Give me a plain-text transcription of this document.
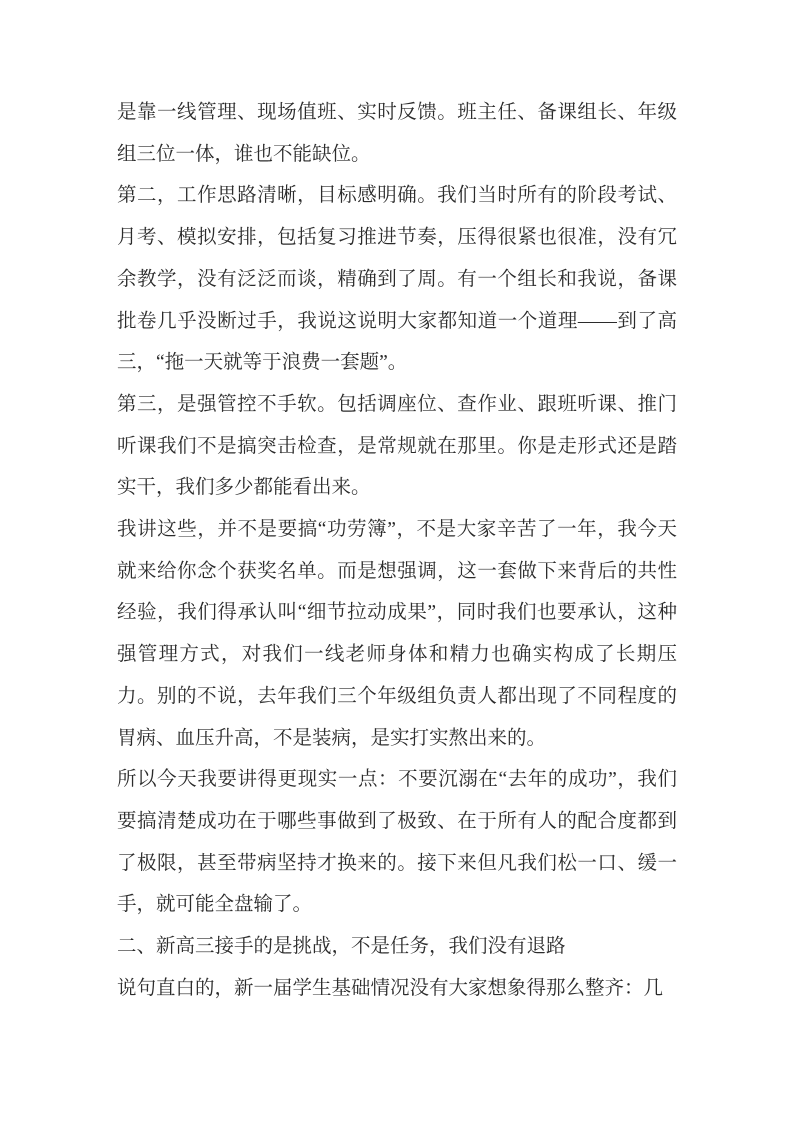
是靠一线管理、现场值班、实时反馈。班主任、备课组长、年级组三位一体，谁也不能缺位。

第二，工作思路清晰，目标感明确。我们当时所有的阶段考试、月考、模拟安排，包括复习推进节奏，压得很紧也很准，没有冗余教学，没有泛泛而谈，精确到了周。有一个组长和我说，备课批卷几乎没断过手，我说这说明大家都知道一个道理——到了高三，“拖一天就等于浪费一套题”。

第三，是强管控不手软。包括调座位、查作业、跟班听课、推门听课我们不是搞突击检查，是常规就在那里。你是走形式还是踏实干，我们多少都能看出来。

我讲这些，并不是要搞“功劳簿”，不是大家辛苦了一年，我今天就来给你念个获奖名单。而是想强调，这一套做下来背后的共性经验，我们得承认叫“细节拉动成果”，同时我们也要承认，这种强管理方式，对我们一线老师身体和精力也确实构成了长期压力。别的不说，去年我们三个年级组负责人都出现了不同程度的胃病、血压升高，不是装病，是实打实熬出来的。

所以今天我要讲得更现实一点：不要沉溺在“去年的成功”，我们要搞清楚成功在于哪些事做到了极致、在于所有人的配合度都到了极限，甚至带病坚持才换来的。接下来但凡我们松一口、缓一手，就可能全盘输了。

二、新高三接手的是挑战，不是任务，我们没有退路

说句直白的，新一届学生基础情况没有大家想象得那么整齐：几
